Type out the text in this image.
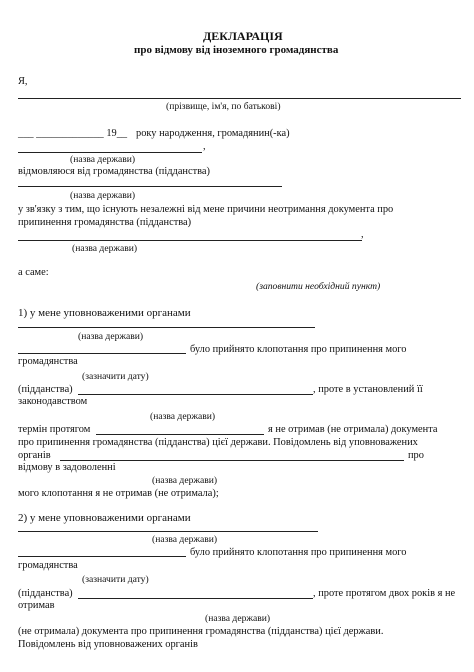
ДЕКЛАРАЦІЯ
про відмову від іноземного громадянства
Я,
(прізвище, ім'я, по батькові)
___ _____________ 19__ року народження, громадянин(-ка)
,
(назва держави)
відмовляюся від громадянства (підданства)
(назва держави)
у зв'язку з тим, що існують незалежні від мене причини неотримання документа про
припинення громадянства (підданства)
,
(назва держави)
а саме:
(заповнити необхідний пункт)
1) у мене уповноваженими органами
(назва держави)
було прийнято клопотання про припинення мого
громадянства
(зазначити дату)
(підданства)	, проте в установлений її
законодавством
(назва держави)
термін протягом	я не отримав (не отримала) документа
про припинення громадянства (підданства) цієї держави. Повідомлень від уповноважених
органів	про
відмову в задоволенні
(назва держави)
мого клопотання я не отримав (не отримала);
2) у мене уповноваженими органами
(назва держави)
було прийнято клопотання про припинення мого
громадянства
(зазначити дату)
(підданства)	, проте протягом двох років я не
отримав
(назва держави)
(не отримала) документа про припинення громадянства (підданства) цієї держави.
Повідомлень від уповноважених органів
